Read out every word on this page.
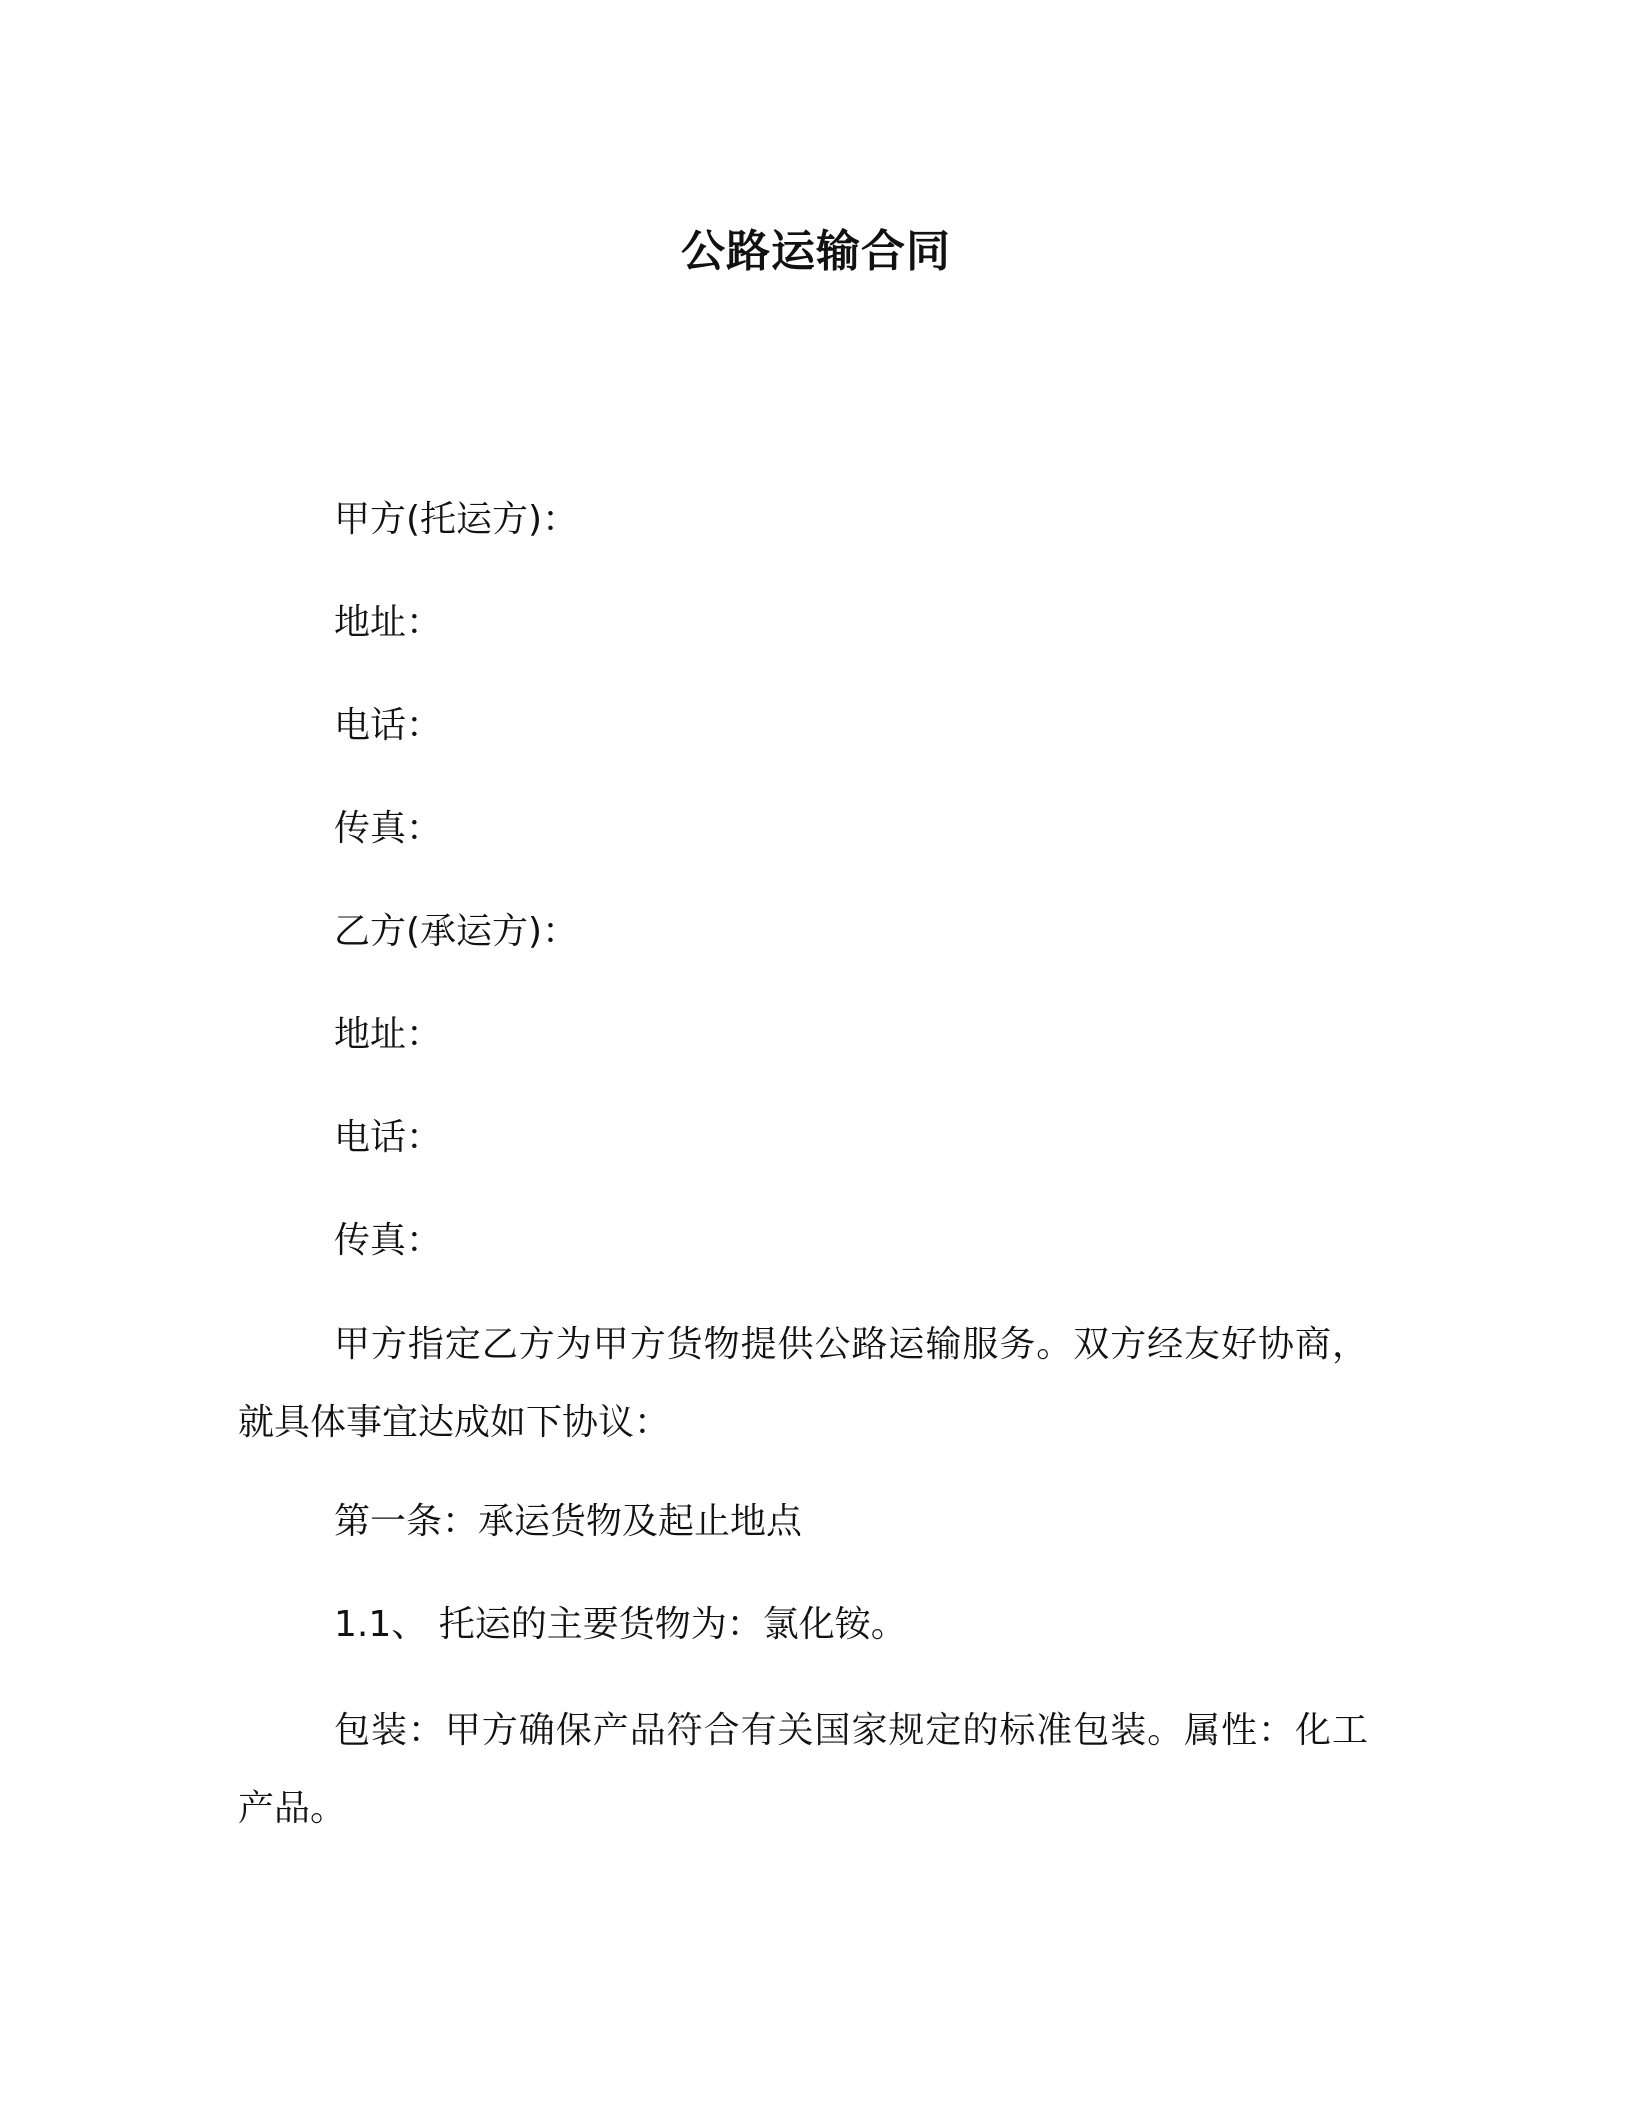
公路运输合同
甲方(托运方)：
地址：
电话：
传真：
乙方(承运方)：
地址：
电话：
传真：
甲方指定乙方为甲方货物提供公路运输服务。双方经友好协商，就具体事宜达成如下协议：
第一条：承运货物及起止地点
1.1、 托运的主要货物为：氯化铵。
包装：甲方确保产品符合有关国家规定的标准包装。属性：化工产品。
